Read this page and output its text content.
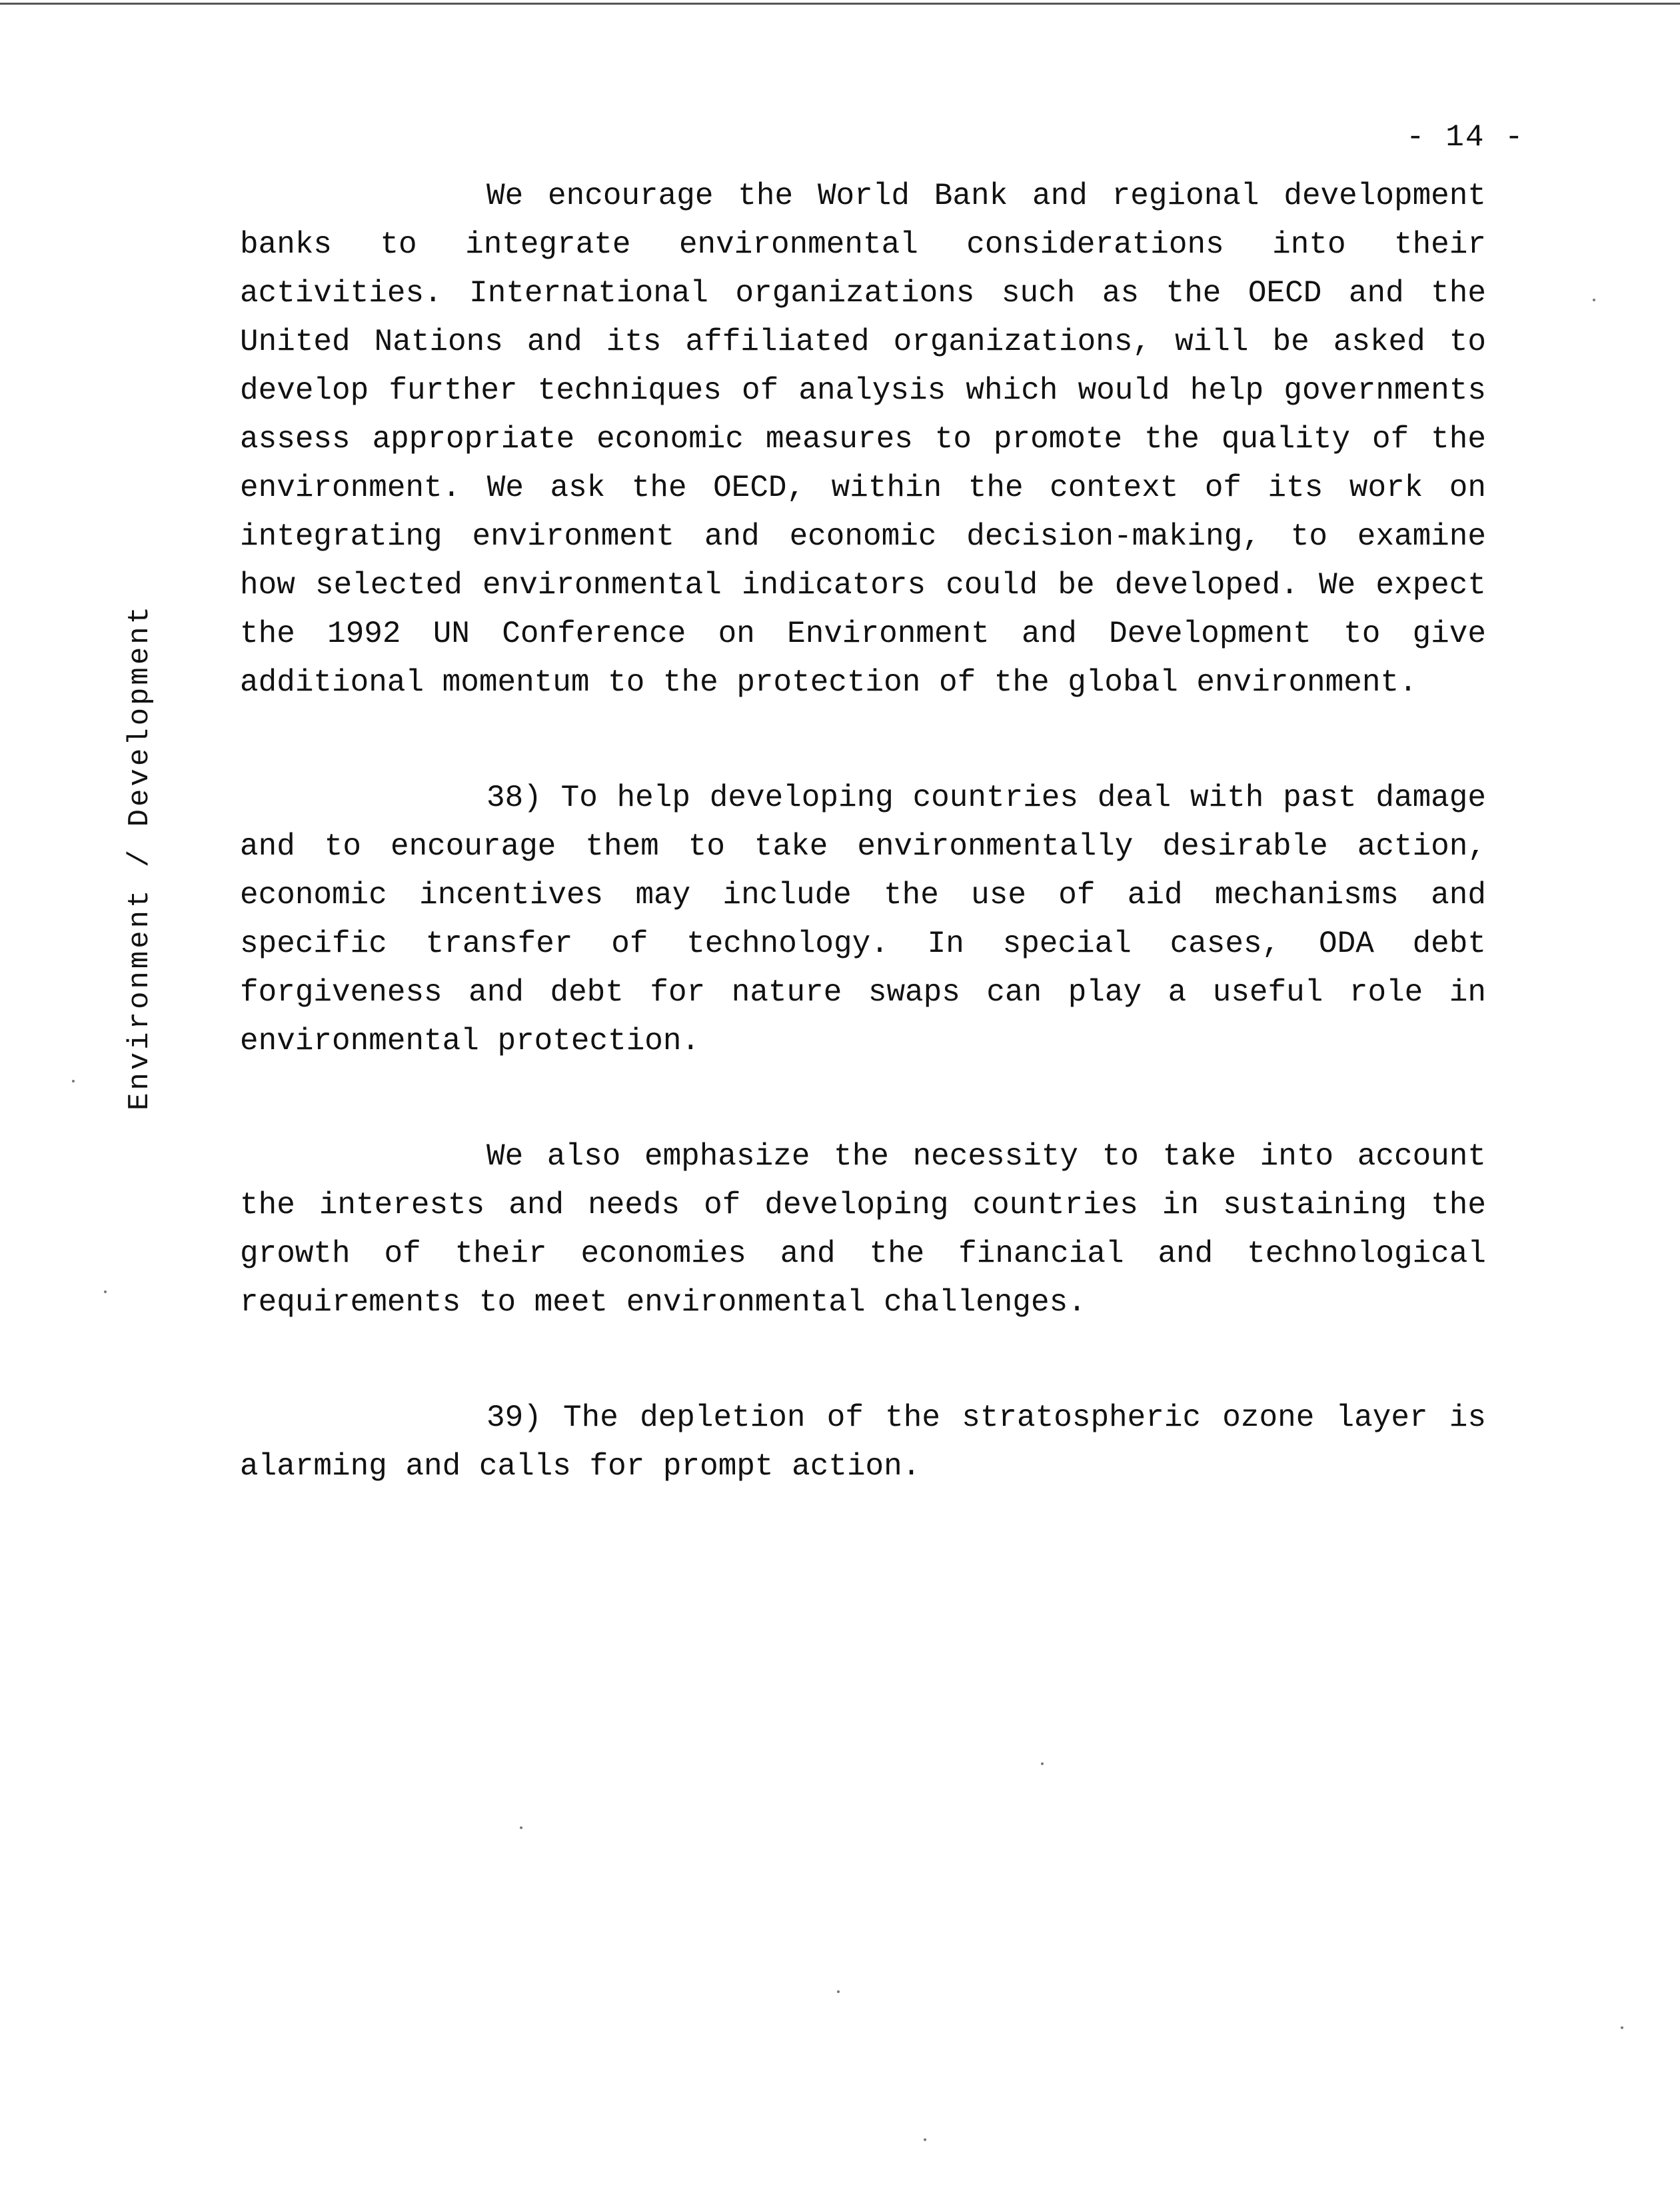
- 14 -
Environment / Development

We encourage the World Bank and regional development banks to integrate environmental considerations into their activities. International organizations such as the OECD and the United Nations and its affiliated organizations, will be asked to develop further techniques of analysis which would help governments assess appropriate economic measures to promote the quality of the environment. We ask the OECD, within the context of its work on integrating environment and economic decision-making, to examine how selected environmental indicators could be developed. We expect the 1992 UN Conference on Environment and Development to give additional momentum to the protection of the global environment.

38) To help developing countries deal with past damage and to encourage them to take environmentally desirable action, economic incentives may include the use of aid mechanisms and specific transfer of technology. In special cases, ODA debt forgiveness and debt for nature swaps can play a useful role in environmental protection.

We also emphasize the necessity to take into account the interests and needs of developing countries in sustaining the growth of their economies and the financial and technological requirements to meet environmental challenges.

39) The depletion of the stratospheric ozone layer is alarming and calls for prompt action.
